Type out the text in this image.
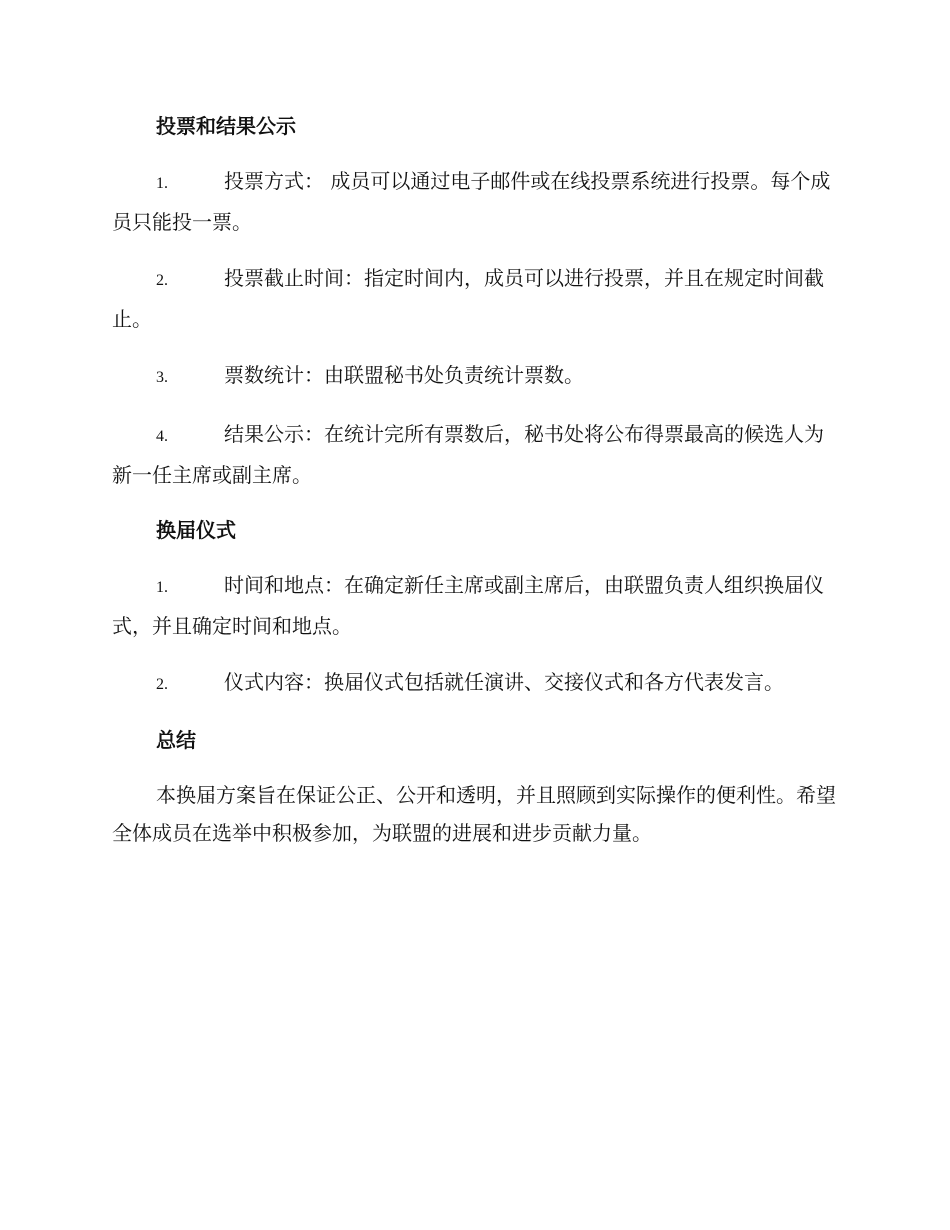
投票和结果公示
1.	投票方式： 成员可以通过电子邮件或在线投票系统进行投票。每个成员只能投一票。
2.	投票截止时间：指定时间内，成员可以进行投票，并且在规定时间截止。
3.	票数统计：由联盟秘书处负责统计票数。
4.	结果公示：在统计完所有票数后，秘书处将公布得票最高的候选人为新一任主席或副主席。
换届仪式
1.	时间和地点：在确定新任主席或副主席后，由联盟负责人组织换届仪式，并且确定时间和地点。
2.	仪式内容：换届仪式包括就任演讲、交接仪式和各方代表发言。
总结

本换届方案旨在保证公正、公开和透明，并且照顾到实际操作的便利性。希望全体成员在选举中积极参加，为联盟的进展和进步贡献力量。
